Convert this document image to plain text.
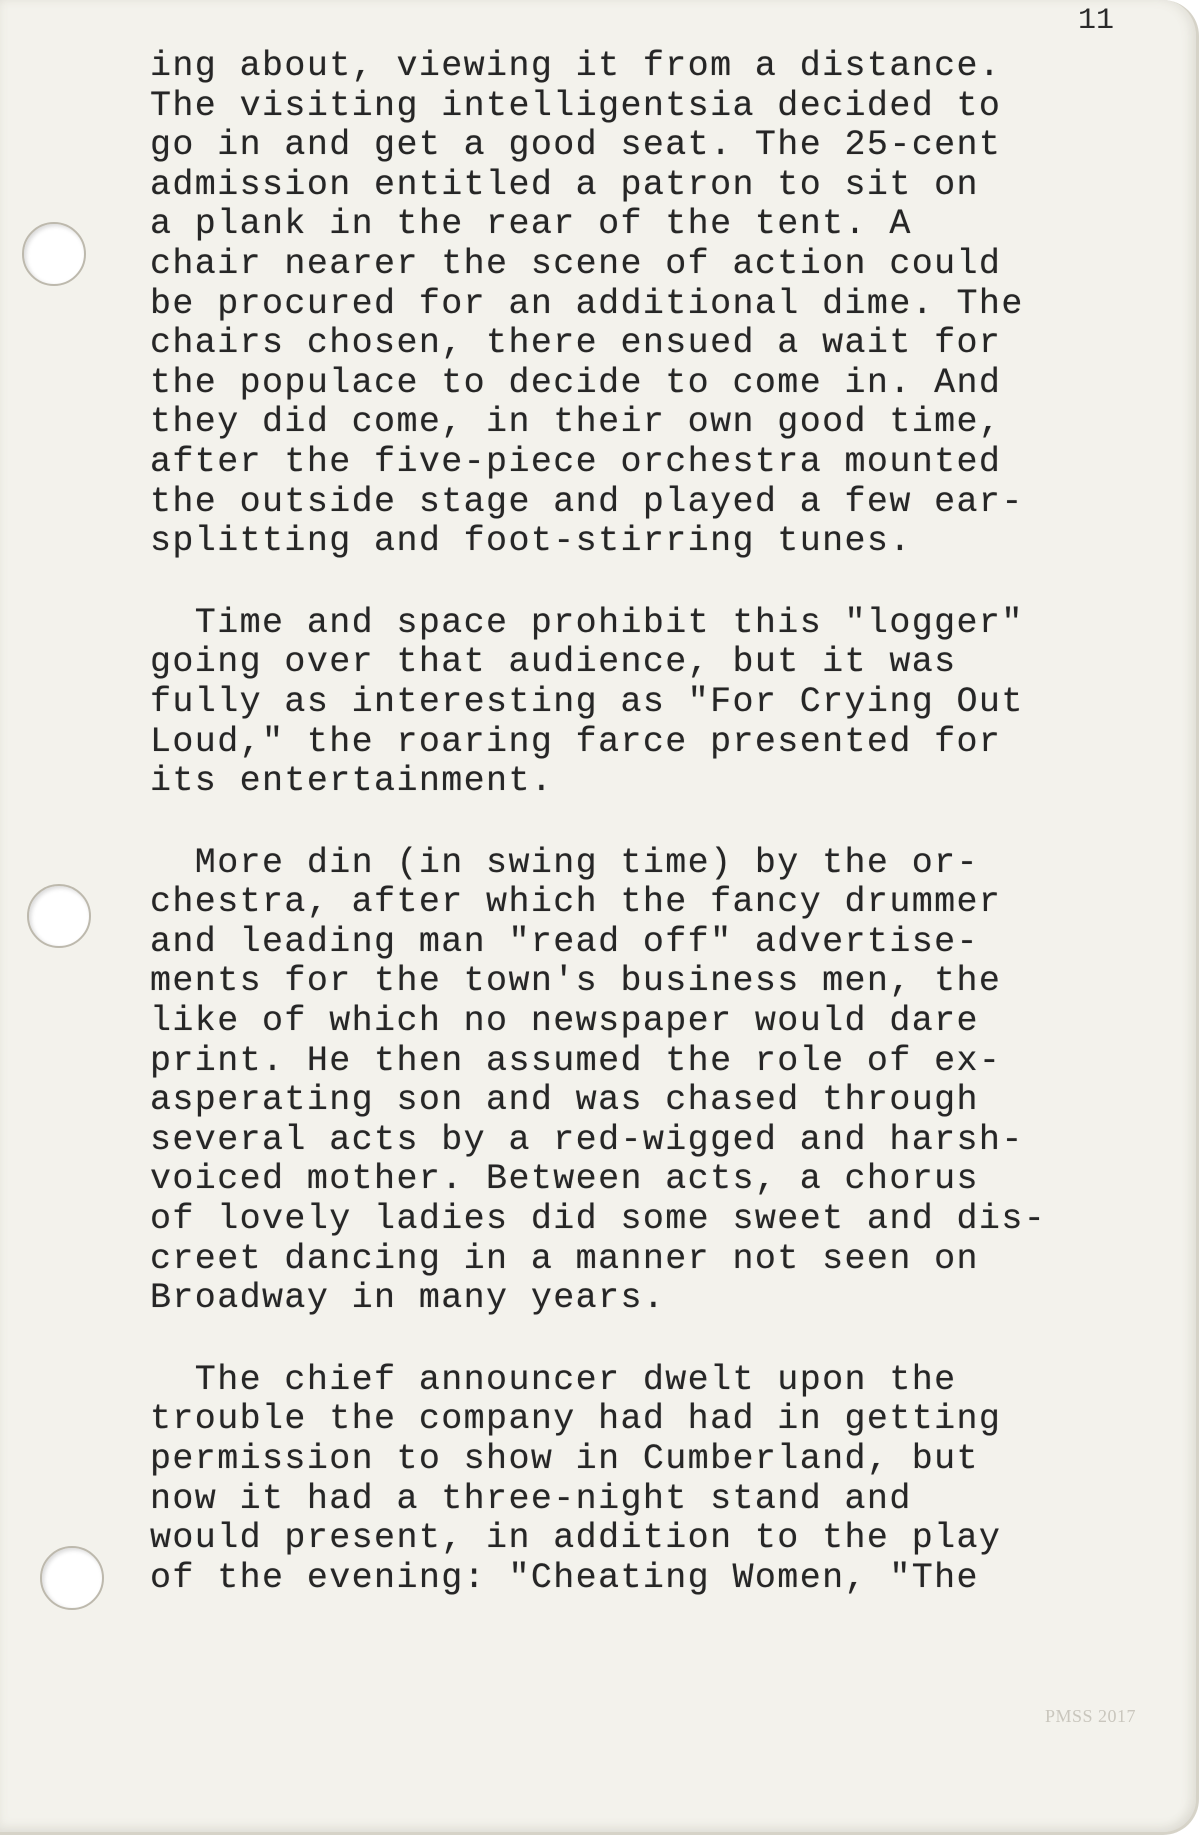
11
ing about, viewing it from a distance.
The visiting intelligentsia decided to
go in and get a good seat. The 25-cent
admission entitled a patron to sit on
a plank in the rear of the tent. A
chair nearer the scene of action could
be procured for an additional dime. The
chairs chosen, there ensued a wait for
the populace to decide to come in. And
they did come, in their own good time,
after the five-piece orchestra mounted
the outside stage and played a few ear-
splitting and foot-stirring tunes.
Time and space prohibit this "logger"
going over that audience, but it was
fully as interesting as "For Crying Out
Loud," the roaring farce presented for
its entertainment.
More din (in swing time) by the or-
chestra, after which the fancy drummer
and leading man "read off" advertise-
ments for the town's business men, the
like of which no newspaper would dare
print. He then assumed the role of ex-
asperating son and was chased through
several acts by a red-wigged and harsh-
voiced mother. Between acts, a chorus
of lovely ladies did some sweet and dis-
creet dancing in a manner not seen on
Broadway in many years.
The chief announcer dwelt upon the
trouble the company had had in getting
permission to show in Cumberland, but
now it had a three-night stand and
would present, in addition to the play
of the evening: "Cheating Women, "The
PMSS 2017
